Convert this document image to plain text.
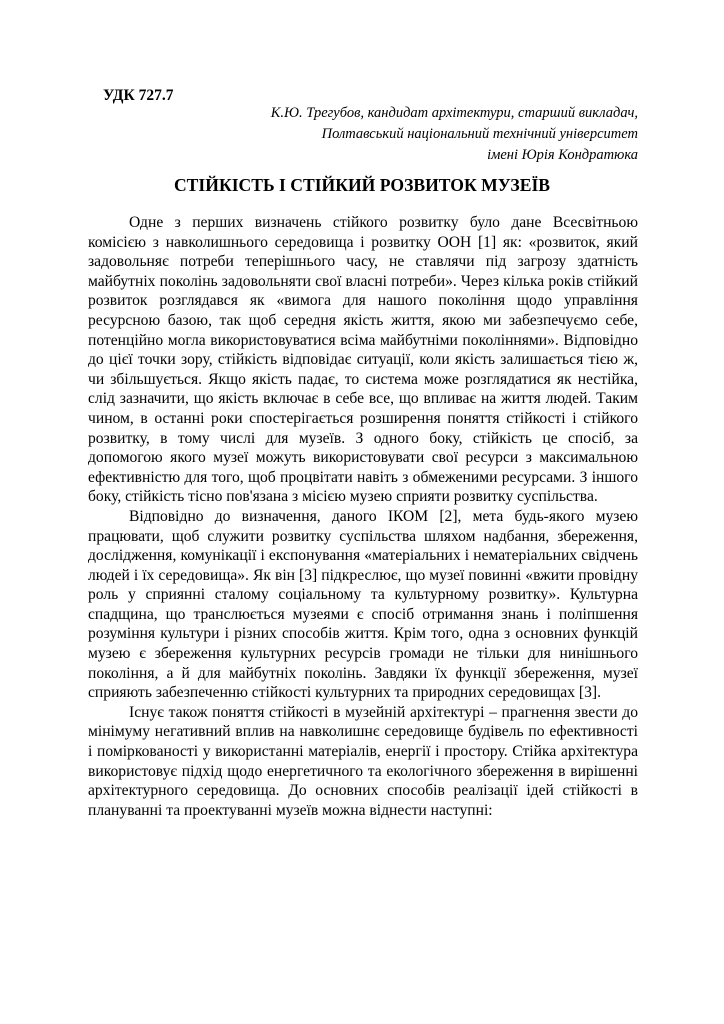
УДК 727.7
К.Ю. Трегубов, кандидат архітектури, старший викладач,
Полтавський національний технічний університет
імені Юрія Кондратюка
СТІЙКІСТЬ І СТІЙКИЙ РОЗВИТОК МУЗЕЇВ

Одне з перших визначень стійкого розвитку було дане Всесвітньою комісією з навколишнього середовища і розвитку ООН [1] як: «розвиток, який задовольняє потреби теперішнього часу, не ставлячи під загрозу здатність майбутніх поколінь задовольняти свої власні потреби». Через кілька років стійкий розвиток розглядався як «вимога для нашого покоління щодо управління ресурсною базою, так щоб середня якість життя, якою ми забезпечуємо себе, потенційно могла використовуватися всіма майбутніми поколіннями». Відповідно до цієї точки зору, стійкість відповідає ситуації, коли якість залишається тією ж, чи збільшується. Якщо якість падає, то система може розглядатися як нестійка, слід зазначити, що якість включає в себе все, що впливає на життя людей. Таким чином, в останні роки спостерігається розширення поняття стійкості і стійкого розвитку, в тому числі для музеїв. З одного боку, стійкість це спосіб, за допомогою якого музеї можуть використовувати свої ресурси з максимальною ефективністю для того, щоб процвітати навіть з обмеженими ресурсами. З іншого боку, стійкість тісно пов'язана з місією музею сприяти розвитку суспільства.

Відповідно до визначення, даного ІКОМ [2], мета будь-якого музею працювати, щоб служити розвитку суспільства шляхом надбання, збереження, дослідження, комунікації і експонування «матеріальних і нематеріальних свідчень людей і їх середовища». Як він [3] підкреслює, що музеї повинні «вжити провідну роль у сприянні сталому соціальному та культурному розвитку». Культурна спадщина, що транслюється музеями є спосіб отримання знань і поліпшення розуміння культури і різних способів життя. Крім того, одна з основних функцій музею є збереження культурних ресурсів громади не тільки для нинішнього покоління, а й для майбутніх поколінь. Завдяки їх функції збереження, музеї сприяють забезпеченню стійкості культурних та природних середовищах [3].

Існує також поняття стійкості в музейній архітектурі – прагнення звести до мінімуму негативний вплив на навколишнє середовище будівель по ефективності і поміркованості у використанні матеріалів, енергії і простору. Стійка архітектура використовує підхід щодо енергетичного та екологічного збереження в вирішенні архітектурного середовища. До основних способів реалізації ідей стійкості в плануванні та проектуванні музеїв можна віднести наступні:
